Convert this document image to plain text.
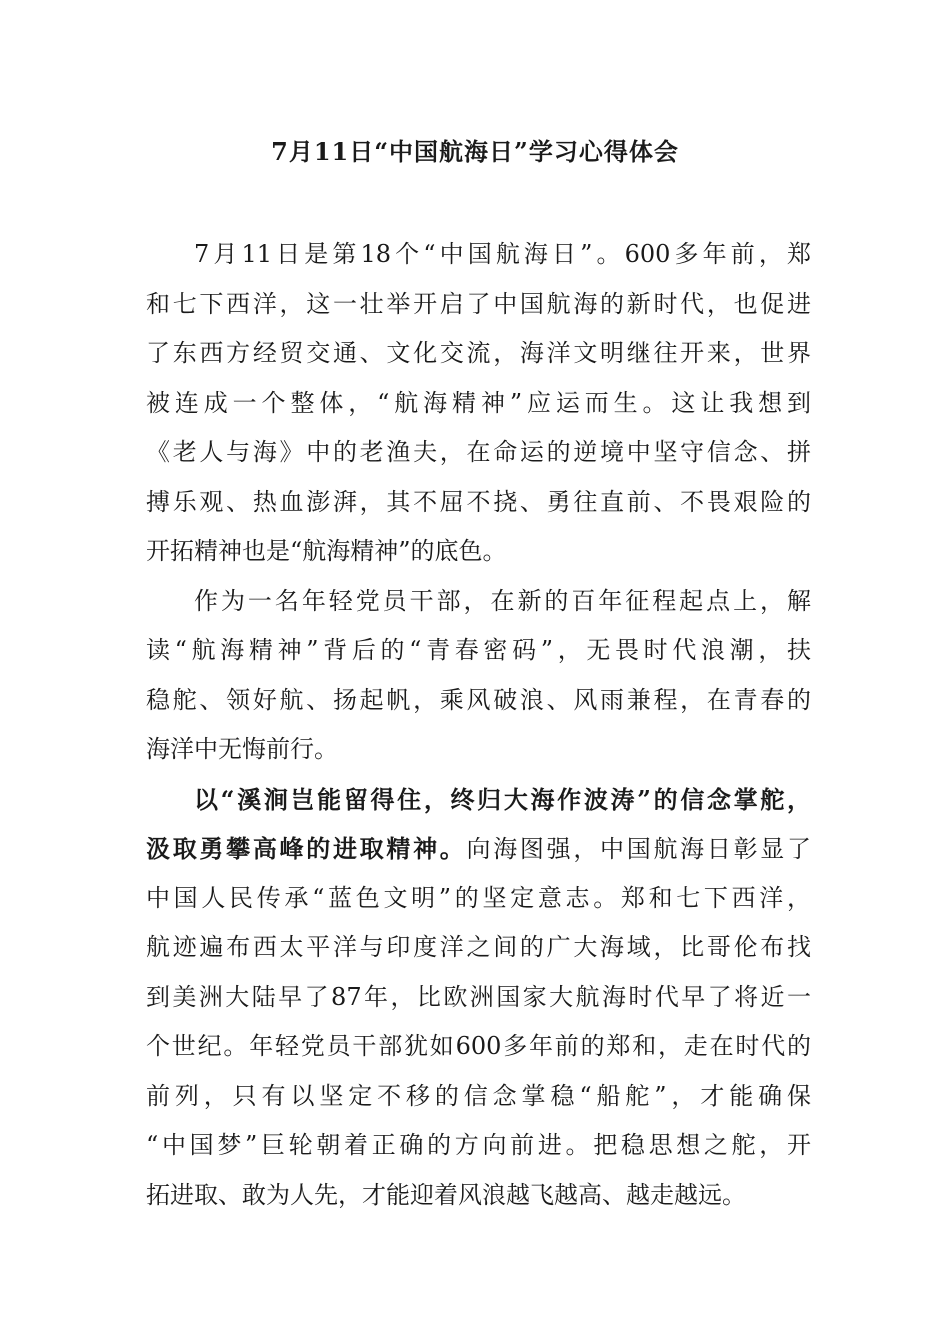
7月11日“中国航海日”学习心得体会
7月11日是第18个“中国航海日”。600多年前，郑
和七下西洋，这一壮举开启了中国航海的新时代，也促进
了东西方经贸交通、文化交流，海洋文明继往开来，世界
被连成一个整体，“航海精神”应运而生。这让我想到
《老人与海》中的老渔夫，在命运的逆境中坚守信念、拼
搏乐观、热血澎湃，其不屈不挠、勇往直前、不畏艰险的
开拓精神也是“航海精神”的底色。
作为一名年轻党员干部，在新的百年征程起点上，解
读“航海精神”背后的“青春密码”，无畏时代浪潮，扶
稳舵、领好航、扬起帆，乘风破浪、风雨兼程，在青春的
海洋中无悔前行。
以“溪涧岂能留得住，终归大海作波涛”的信念掌舵，
汲取勇攀高峰的进取精神。向海图强，中国航海日彰显了
中国人民传承“蓝色文明”的坚定意志。郑和七下西洋，
航迹遍布西太平洋与印度洋之间的广大海域，比哥伦布找
到美洲大陆早了87年，比欧洲国家大航海时代早了将近一
个世纪。年轻党员干部犹如600多年前的郑和，走在时代的
前列，只有以坚定不移的信念掌稳“船舵”，才能确保
“中国梦”巨轮朝着正确的方向前进。把稳思想之舵，开
拓进取、敢为人先，才能迎着风浪越飞越高、越走越远。
